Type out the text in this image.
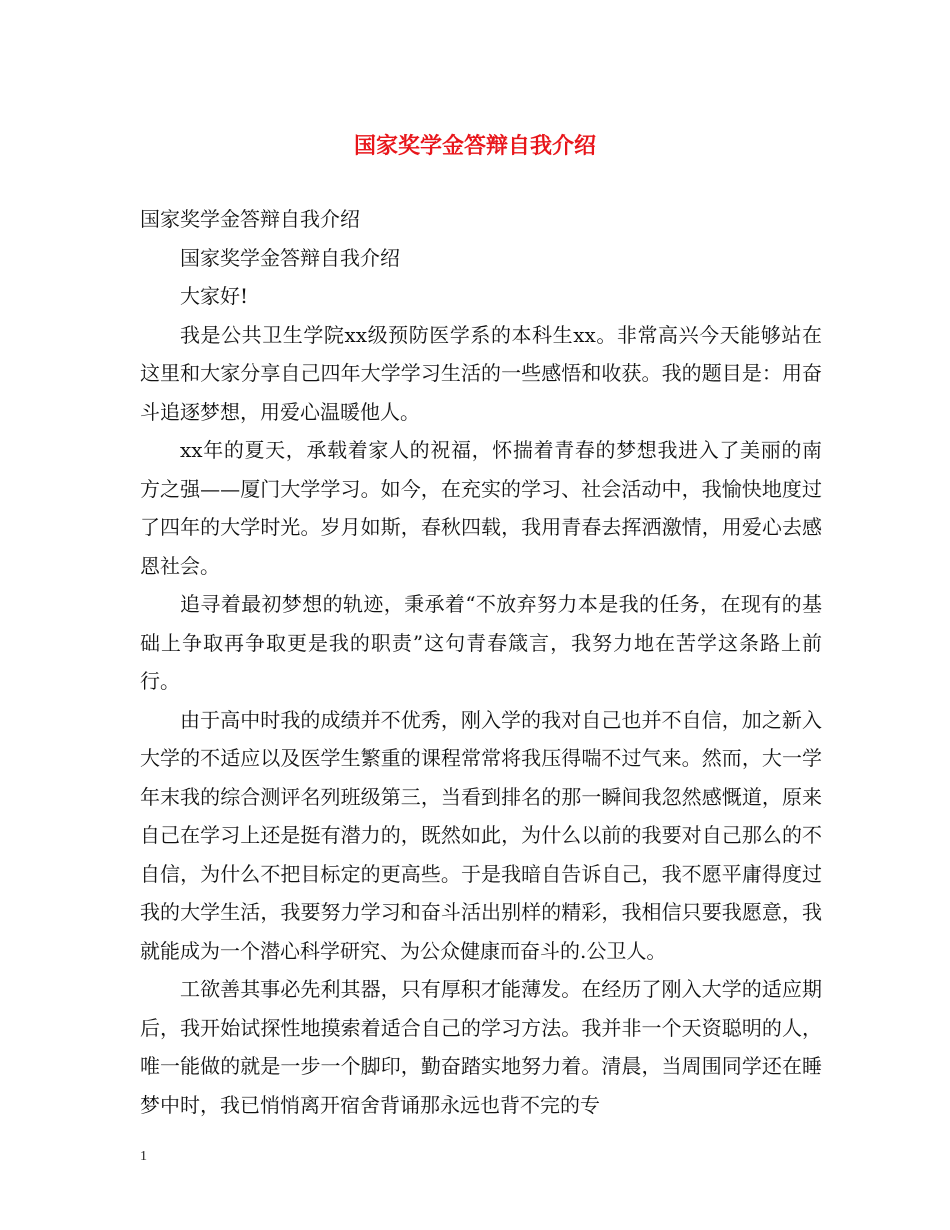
国家奖学金答辩自我介绍

国家奖学金答辩自我介绍

国家奖学金答辩自我介绍

大家好!

我是公共卫生学院xx级预防医学系的本科生xx。非常高兴今天能够站在这里和大家分享自己四年大学学习生活的一些感悟和收获。我的题目是：用奋斗追逐梦想，用爱心温暖他人。

xx年的夏天，承载着家人的祝福，怀揣着青春的梦想我进入了美丽的南方之强——厦门大学学习。如今，在充实的学习、社会活动中，我愉快地度过了四年的大学时光。岁月如斯，春秋四载，我用青春去挥洒激情，用爱心去感恩社会。

追寻着最初梦想的轨迹，秉承着“不放弃努力本是我的任务，在现有的基础上争取再争取更是我的职责”这句青春箴言，我努力地在苦学这条路上前行。

由于高中时我的成绩并不优秀，刚入学的我对自己也并不自信，加之新入大学的不适应以及医学生繁重的课程常常将我压得喘不过气来。然而，大一学年末我的综合测评名列班级第三，当看到排名的那一瞬间我忽然感慨道，原来自己在学习上还是挺有潜力的，既然如此，为什么以前的我要对自己那么的不自信，为什么不把目标定的更高些。于是我暗自告诉自己，我不愿平庸得度过我的大学生活，我要努力学习和奋斗活出别样的精彩，我相信只要我愿意，我就能成为一个潜心科学研究、为公众健康而奋斗的.公卫人。

工欲善其事必先利其器，只有厚积才能薄发。在经历了刚入大学的适应期后，我开始试探性地摸索着适合自己的学习方法。我并非一个天资聪明的人，唯一能做的就是一步一个脚印，勤奋踏实地努力着。清晨，当周围同学还在睡梦中时，我已悄悄离开宿舍背诵那永远也背不完的专

1
